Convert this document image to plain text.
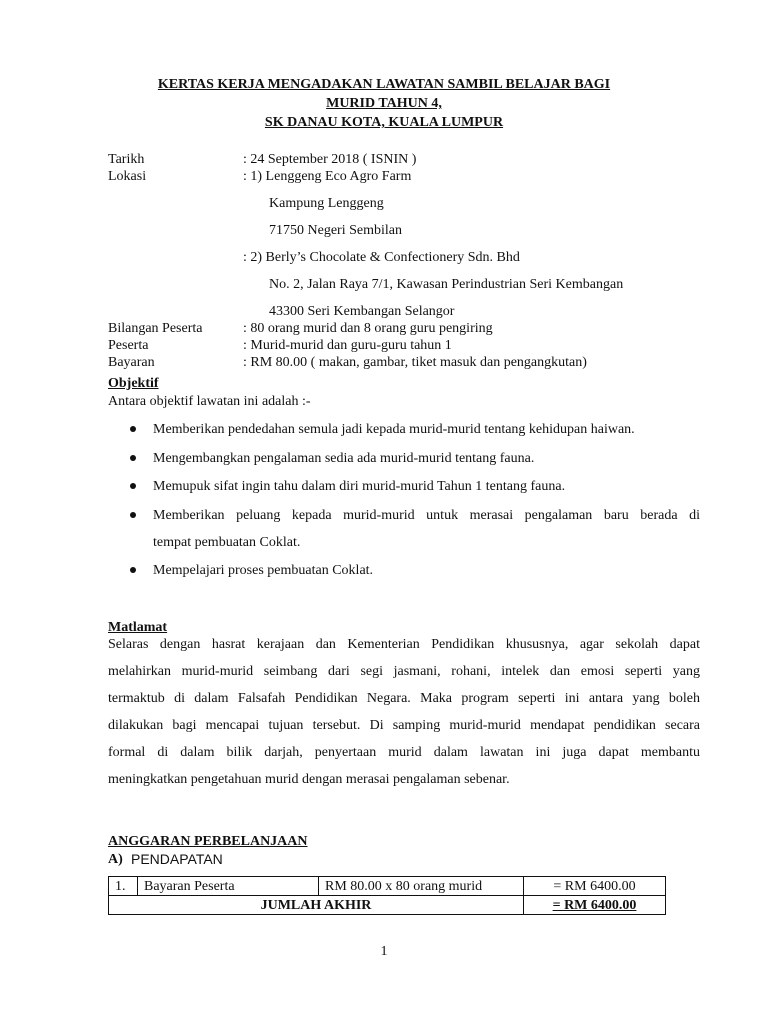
KERTAS KERJA MENGADAKAN LAWATAN SAMBIL BELAJAR BAGI
MURID TAHUN 4,
SK DANAU KOTA, KUALA LUMPUR
Tarikh	: 24 September 2018 ( ISNIN )
Lokasi	: 1) Lenggeng Eco Agro Farm
Kampung Lenggeng
71750 Negeri Sembilan
: 2) Berly’s Chocolate & Confectionery Sdn. Bhd
No. 2, Jalan Raya 7/1, Kawasan Perindustrian Seri Kembangan
43300 Seri Kembangan Selangor
Bilangan Peserta	: 80 orang murid dan 8 orang guru pengiring
Peserta	: Murid-murid dan guru-guru tahun 1
Bayaran	: RM 80.00 ( makan, gambar, tiket masuk dan pengangkutan)
Objektif
Antara objektif lawatan ini adalah :-
Memberikan pendedahan semula jadi kepada murid-murid tentang kehidupan haiwan.
Mengembangkan pengalaman sedia ada murid-murid tentang fauna.
Memupuk sifat ingin tahu dalam diri murid-murid Tahun 1 tentang fauna.
Memberikan peluang kepada murid-murid untuk merasai pengalaman baru berada di
tempat pembuatan Coklat.
Mempelajari proses pembuatan Coklat.
Matlamat
Selaras dengan hasrat kerajaan dan Kementerian Pendidikan khususnya, agar sekolah dapat
melahirkan murid-murid seimbang dari segi jasmani, rohani, intelek dan emosi seperti yang
termaktub di dalam Falsafah Pendidikan Negara. Maka program seperti ini antara yang boleh
dilakukan bagi mencapai tujuan tersebut. Di samping murid-murid mendapat pendidikan secara
formal di dalam bilik darjah, penyertaan murid dalam lawatan ini juga dapat membantu
meningkatkan pengetahuan murid dengan merasai pengalaman sebenar.
ANGGARAN PERBELANJAAN
A) PENDAPATAN
1.	Bayaran Peserta	RM 80.00 x 80 orang murid	= RM 6400.00
JUMLAH AKHIR			= RM 6400.00
1
